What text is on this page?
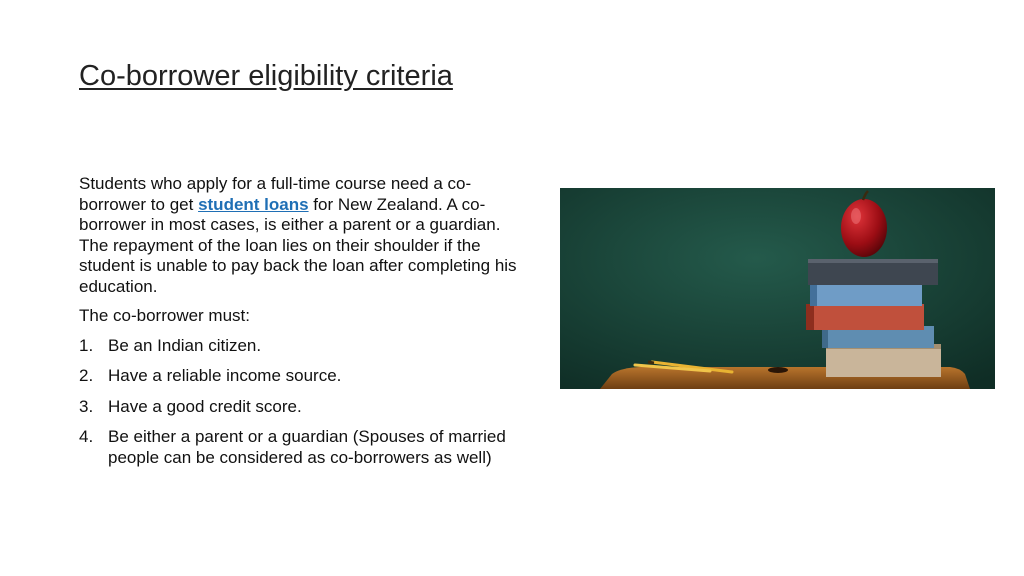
Co-borrower eligibility criteria

Students who apply for a full-time course need a co-borrower to get student loans for New Zealand. A co-borrower in most cases, is either a parent or a guardian. The repayment of the loan lies on their shoulder if the student is unable to pay back the loan after completing his education.

The co-borrower must:

1. Be an Indian citizen.
2. Have a reliable income source.
3. Have a good credit score.
4. Be either a parent or a guardian (Spouses of married people can be considered as co-borrowers as well)
